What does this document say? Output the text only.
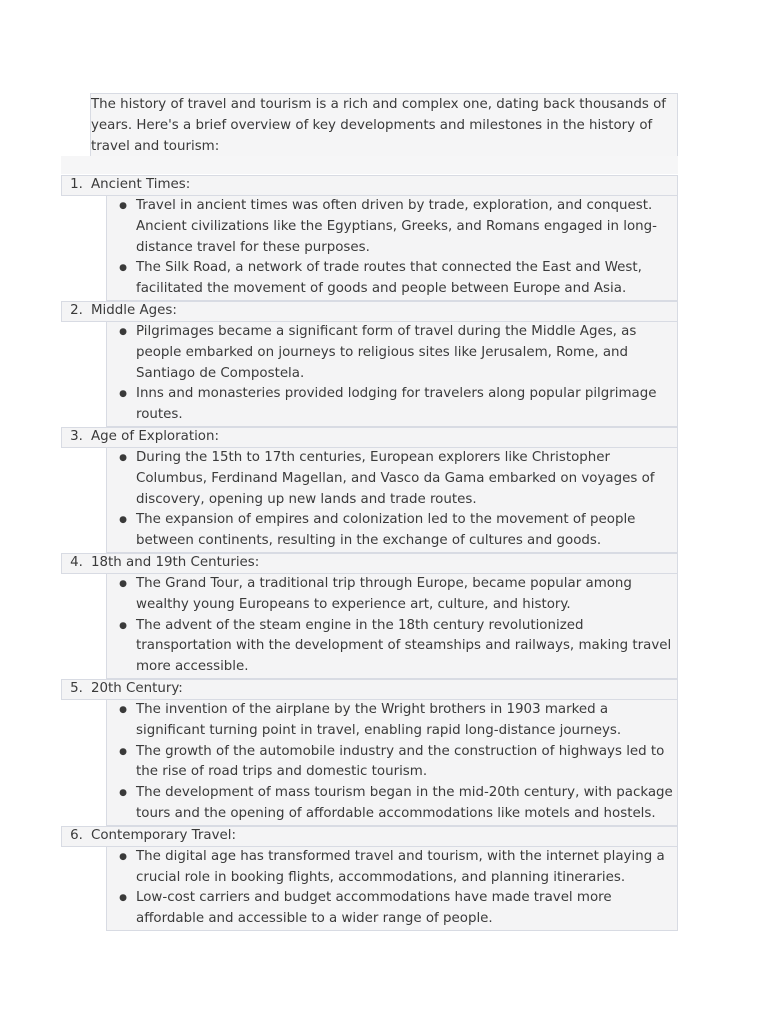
The history of travel and tourism is a rich and complex one, dating back thousands of years. Here's a brief overview of key developments and milestones in the history of travel and tourism:
1. Ancient Times:
● Travel in ancient times was often driven by trade, exploration, and conquest. Ancient civilizations like the Egyptians, Greeks, and Romans engaged in long-distance travel for these purposes.
● The Silk Road, a network of trade routes that connected the East and West, facilitated the movement of goods and people between Europe and Asia.
2. Middle Ages:
● Pilgrimages became a significant form of travel during the Middle Ages, as people embarked on journeys to religious sites like Jerusalem, Rome, and Santiago de Compostela.
● Inns and monasteries provided lodging for travelers along popular pilgrimage routes.
3. Age of Exploration:
● During the 15th to 17th centuries, European explorers like Christopher Columbus, Ferdinand Magellan, and Vasco da Gama embarked on voyages of discovery, opening up new lands and trade routes.
● The expansion of empires and colonization led to the movement of people between continents, resulting in the exchange of cultures and goods.
4. 18th and 19th Centuries:
● The Grand Tour, a traditional trip through Europe, became popular among wealthy young Europeans to experience art, culture, and history.
● The advent of the steam engine in the 18th century revolutionized transportation with the development of steamships and railways, making travel more accessible.
5. 20th Century:
● The invention of the airplane by the Wright brothers in 1903 marked a significant turning point in travel, enabling rapid long-distance journeys.
● The growth of the automobile industry and the construction of highways led to the rise of road trips and domestic tourism.
● The development of mass tourism began in the mid-20th century, with package tours and the opening of affordable accommodations like motels and hostels.
6. Contemporary Travel:
● The digital age has transformed travel and tourism, with the internet playing a crucial role in booking flights, accommodations, and planning itineraries.
● Low-cost carriers and budget accommodations have made travel more affordable and accessible to a wider range of people.
